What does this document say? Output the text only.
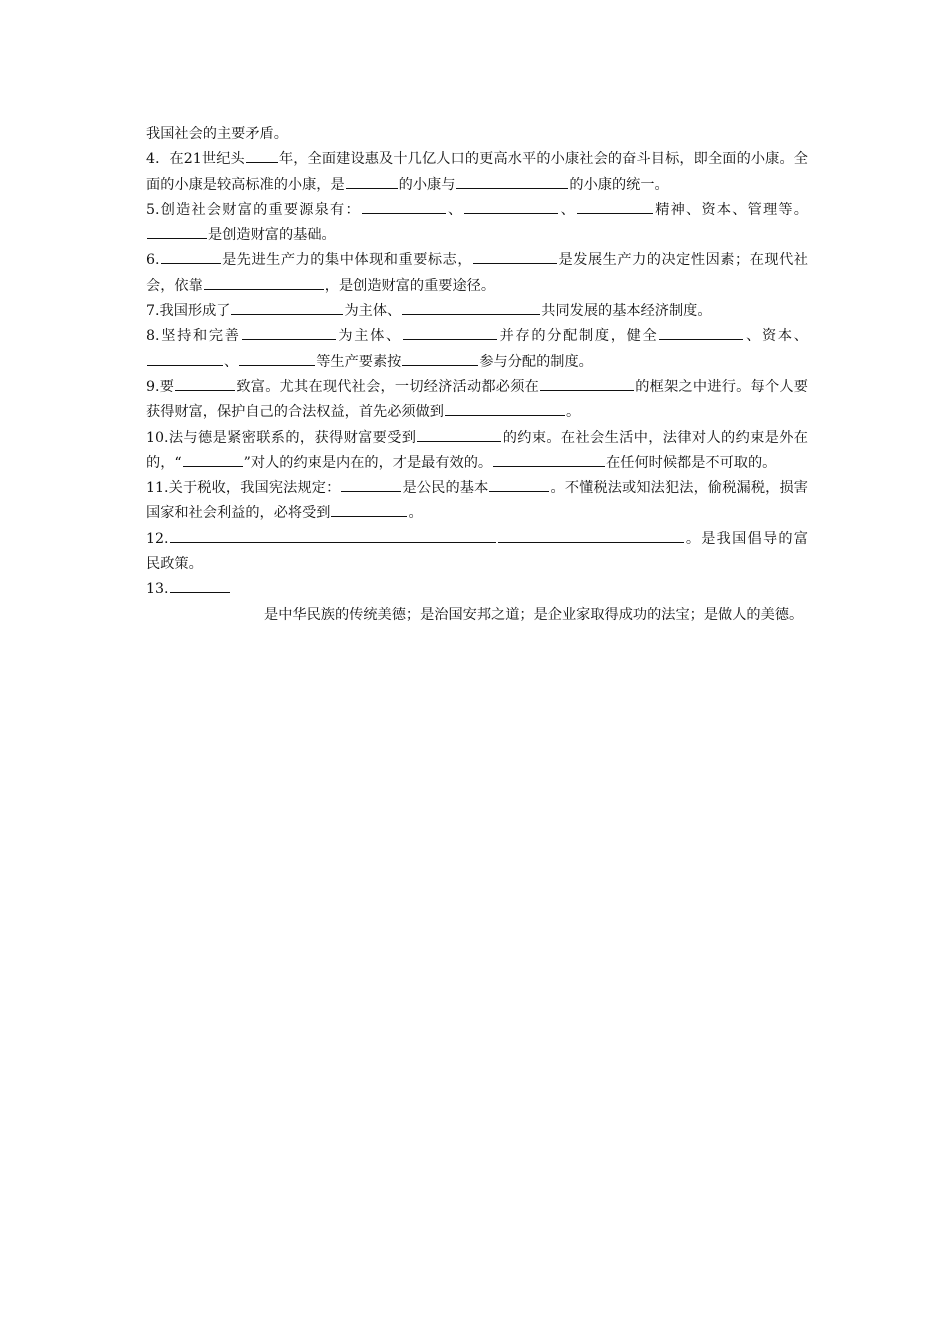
我国社会的主要矛盾。

4．在21世纪头 年，全面建设惠及十几亿人口的更高水平的小康社会的奋斗目标，即全面的小康。全面的小康是较高标准的小康，是	的小康与	的小康的统一。

5.创造社会财富的重要源泉有：	、	、	精神、资本、管理等。是创造财富的基础。

6.	是先进生产力的集中体现和重要标志，	是发展生产力的决定性因素；在现代社会，依靠	，是创造财富的重要途径。

7.我国形成了	为主体、	共同发展的基本经济制度。

8.坚持和完善	为主体、	并存的分配制度，健全	、资本、、	等生产要素按	参与分配的制度。

9.要	致富。尤其在现代社会，一切经济活动都必须在	的框架之中进行。每个人要获得财富，保护自己的合法权益，首先必须做到	。

10.法与德是紧密联系的，获得财富要受到	的约束。在社会生活中，法律对人的约束是外在的，“	”对人的约束是内在的，才是最有效的。	在任何时候都是不可取的。

11.关于税收，我国宪法规定：	是公民的基本	。不懂税法或知法犯法，偷税漏税，损害国家和社会利益的，必将受到	。

12.	。是我国倡导的富民政策。

13.

是中华民族的传统美德；是治国安邦之道；是企业家取得成功的法宝；是做人的美德。
